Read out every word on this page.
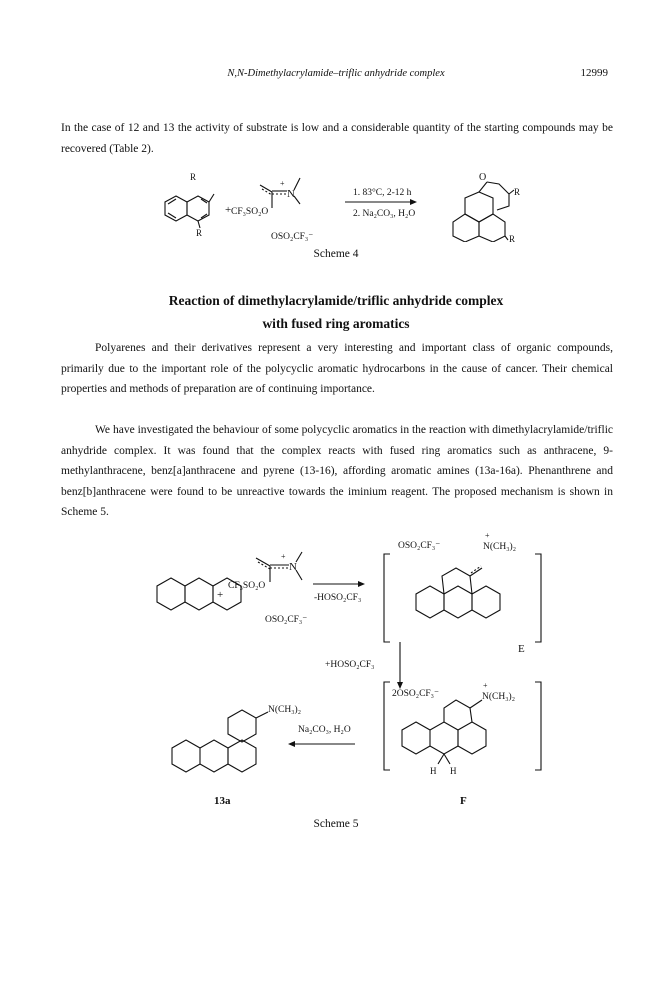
N,N-Dimethylacrylamide–triflic anhydride complex	12999

In the case of 12 and 13 the activity of substrate is low and a considerable quantity of the starting compounds may be recovered (Table 2).

R
R
+ CF₃SO₂O
+
N
OSO₂CF₃⁻
1. 83°C, 2-12 h
2. Na₂CO₃, H₂O
O
R
R
Scheme 4
Reaction of dimethylacrylamide/triflic anhydride complex
with fused ring aromatics

Polyarenes and their derivatives represent a very interesting and important class of organic compounds, primarily due to the important role of the polycyclic aromatic hydrocarbons in the cause of cancer. Their chemical properties and methods of preparation are of continuing importance.

We have investigated the behaviour of some polycyclic aromatics in the reaction with dimethylacrylamide/triflic anhydride complex. It was found that the complex reacts with fused ring aromatics such as anthracene, 9-methylanthracene, benz[a]anthracene and pyrene (13-16), affording aromatic amines (13a-16a). Phenanthrene and benz[b]anthracene were found to be unreactive towards the iminium reagent. The proposed mechanism is shown in Scheme 5.

+
CF₃SO₂O
+
N
OSO₂CF₃⁻
-HOSO₂CF₃
OSO₂CF₃⁻
+
N(CH₃)₂
E
+HOSO₂CF₃
2OSO₂CF₃⁻
+
N(CH₃)₂
H H
F
Na₂CO₃, H₂O
N(CH₃)₂
13a
Scheme 5
